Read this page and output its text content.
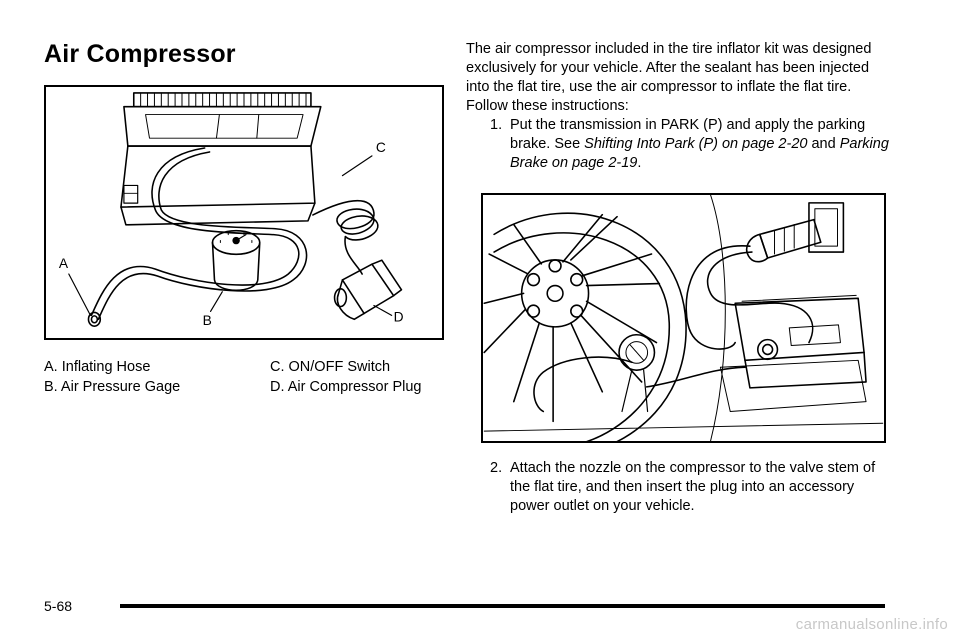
Air Compressor
C
A
B	D
A. Inflating Hose	C. ON/OFF Switch
B. Air Pressure Gage	D. Air Compressor Plug

The air compressor included in the tire inflator kit was designed exclusively for your vehicle. After the sealant has been injected into the flat tire, use the air compressor to inflate the flat tire. Follow these instructions:

1. Put the transmission in PARK (P) and apply the parking brake. See Shifting Into Park (P) on page 2-20 and Parking Brake on page 2-19.
2. Attach the nozzle on the compressor to the valve stem of the flat tire, and then insert the plug into an accessory power outlet on your vehicle.
5-68
carmanualsonline.info
